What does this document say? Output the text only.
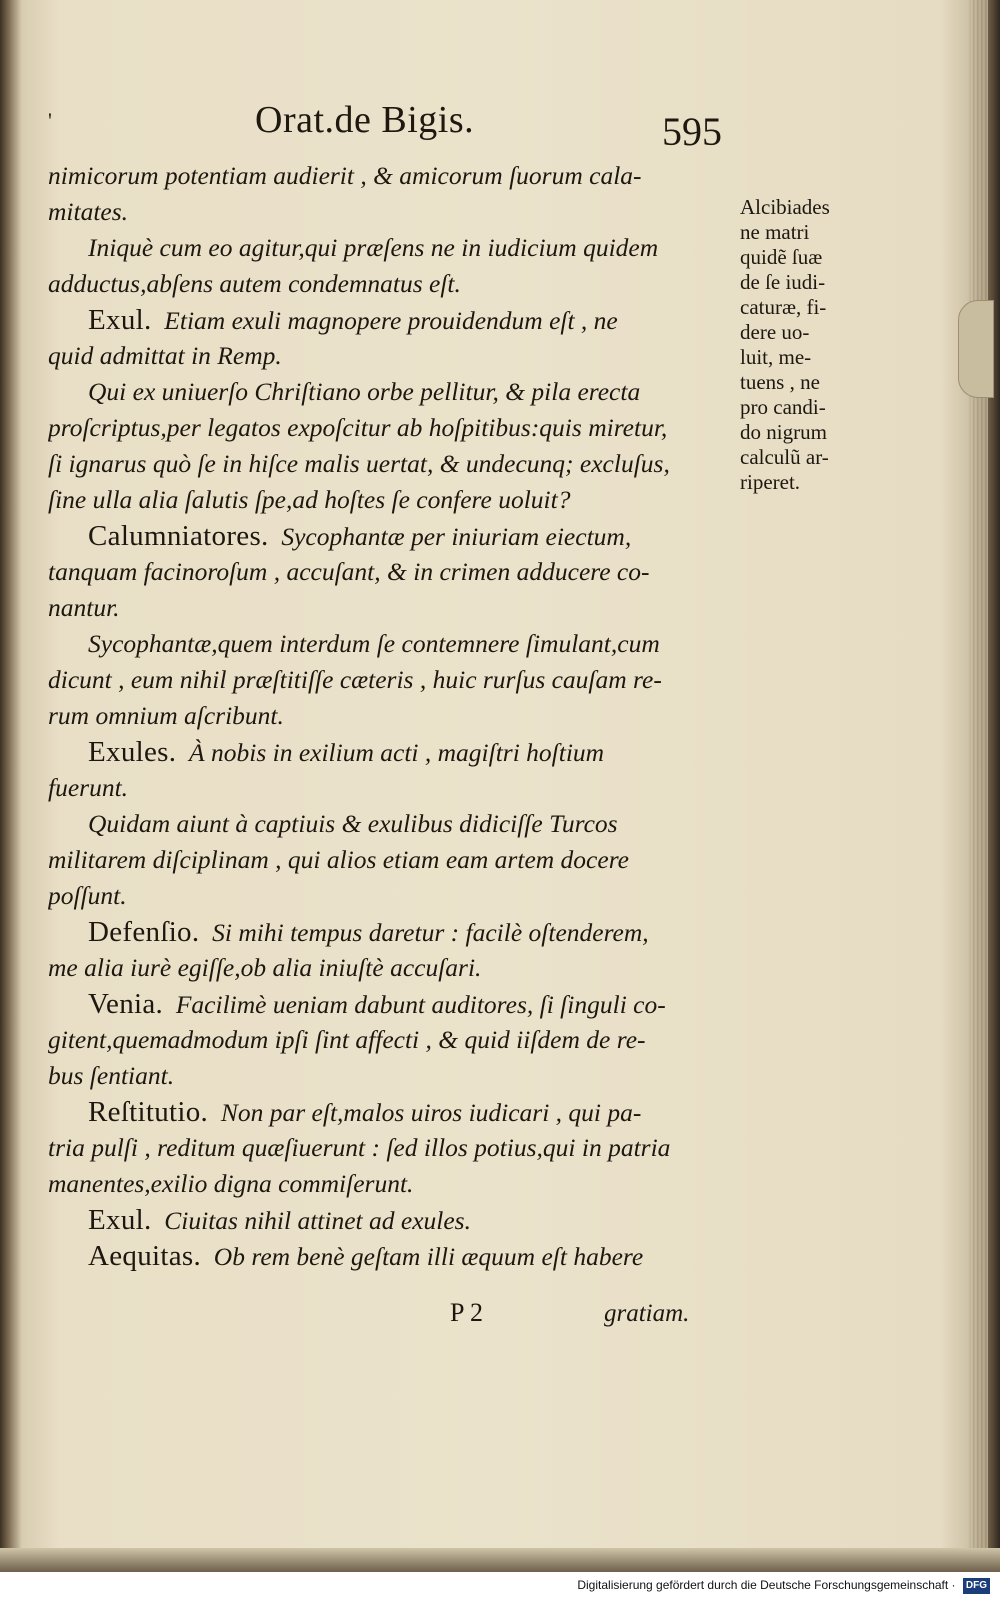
'	Orat.de Bigis.	595
nimicorum potentiam audierit , & amicorum ſuorum cala-
mitates.
Iniquè cum eo agitur,qui præſens ne in iudicium quidem
adductus,abſens autem condemnatus eſt.
Exul. Etiam exuli magnopere prouidendum eſt , ne
quid admittat in Remp.
Qui ex uniuerſo Chriſtiano orbe pellitur, & pila erecta
proſcriptus,per legatos expoſcitur ab hoſpitibus:quis miretur,
ſi ignarus quò ſe in hiſce malis uertat, & undecunq; excluſus,
ſine ulla alia ſalutis ſpe,ad hoſtes ſe confere uoluit?
Calumniatores. Sycophantæ per iniuriam eiectum,
tanquam facinoroſum , accuſant, & in crimen adducere co-
nantur.
Sycophantæ,quem interdum ſe contemnere ſimulant,cum
dicunt , eum nihil præſtitiſſe cæteris , huic rurſus cauſam re-
rum omnium aſcribunt.
Exules. À nobis in exilium acti , magiſtri hoſtium
fuerunt.
Quidam aiunt à captiuis & exulibus didiciſſe Turcos
militarem diſciplinam , qui alios etiam eam artem docere
poſſunt.
Defenſio. Si mihi tempus daretur : facilè oſtenderem,
me alia iurè egiſſe,ob alia iniuſtè accuſari.
Venia. Facilimè ueniam dabunt auditores, ſi ſinguli co-
gitent,quemadmodum ipſi ſint affecti , & quid iiſdem de re-
bus ſentiant.
Reſtitutio. Non par eſt,malos uiros iudicari , qui pa-
tria pulſi , reditum quæſiuerunt : ſed illos potius,qui in patria
manentes,exilio digna commiſerunt.
Exul. Ciuitas nihil attinet ad exules.
Aequitas. Ob rem benè geſtam illi æquum eſt habere
Alcibiades
ne matri
quidẽ ſuæ
de ſe iudi-
caturæ, fi-
dere uo-
luit, me-
tuens , ne
pro candi-
do nigrum
calculũ ar-
riperet.
P 2	gratiam.
Digitalisierung gefördert durch die Deutsche Forschungsgemeinschaft · DFG
